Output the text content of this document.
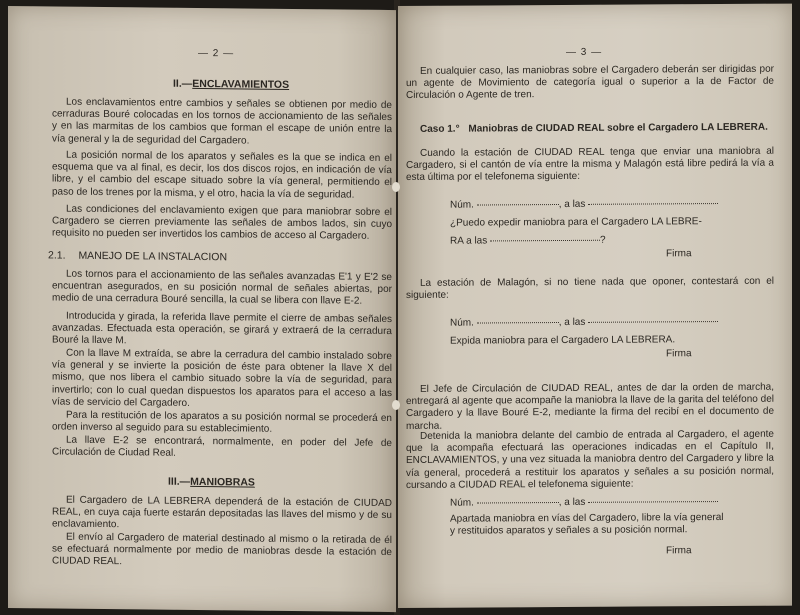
— 2 —
II.—ENCLAVAMIENTOS

Los enclavamientos entre cambios y señales se obtienen por medio de cerraduras Bouré colocadas en los tornos de accionamiento de las señales y en las marmitas de los cambios que forman el escape de unión entre la vía general y la de seguridad del Cargadero.

La posición normal de los aparatos y señales es la que se indica en el esquema que va al final, es decir, los dos discos rojos, en indicación de vía libre, y el cambio del escape situado sobre la vía general, permitiendo el paso de los trenes por la misma, y el otro, hacia la vía de seguridad.

Las condiciones del enclavamiento exigen que para maniobrar sobre el Cargadero se cierren previamente las señales de ambos lados, sin cuyo requisito no pueden ser invertidos los cambios de acceso al Cargadero.

2.1. MANEJO DE LA INSTALACION

Los tornos para el accionamiento de las señales avanzadas E'1 y E'2 se encuentran asegurados, en su posición normal de señales abiertas, por medio de una cerradura Bouré sencilla, la cual se libera con llave E-2.

Introducida y girada, la referida llave permite el cierre de ambas señales avanzadas. Efectuada esta operación, se girará y extraerá de la cerradura Bouré la llave M.

Con la llave M extraída, se abre la cerradura del cambio instalado sobre vía general y se invierte la posición de éste para obtener la llave X del mismo, que nos libera el cambio situado sobre la vía de seguridad, para invertirlo; con lo cual quedan dispuestos los aparatos para el acceso a las vías de servicio del Cargadero.

Para la restitución de los aparatos a su posición normal se procederá en orden inverso al seguido para su establecimiento.

La llave E-2 se encontrará, normalmente, en poder del Jefe de Circulación de Ciudad Real.

III.—MANIOBRAS

El Cargadero de LA LEBRERA dependerá de la estación de CIUDAD REAL, en cuya caja fuerte estarán depositadas las llaves del mismo y de su enclavamiento.

El envío al Cargadero de material destinado al mismo o la retirada de él se efectuará normalmente por medio de maniobras desde la estación de CIUDAD REAL.

— 3 —

En cualquier caso, las maniobras sobre el Cargadero deberán ser dirigidas por un agente de Movimiento de categoría igual o superior a la de Factor de Circulación o Agente de tren.

Caso 1.° Maniobras de CIUDAD REAL sobre el Cargadero LA LEBRERA.

Cuando la estación de CIUDAD REAL tenga que enviar una maniobra al Cargadero, si el cantón de vía entre la misma y Malagón está libre pedirá la vía a esta última por el telefonema siguiente:

Núm.	, a las
¿Puedo expedir maniobra para el Cargadero LA LEBRE-
RA a las	?
Firma

La estación de Malagón, si no tiene nada que oponer, contestará con el siguiente:

Núm.	, a las
Expida maniobra para el Cargadero LA LEBRERA.
Firma

El Jefe de Circulación de CIUDAD REAL, antes de dar la orden de marcha, entregará al agente que acompañe la maniobra la llave de la garita del teléfono del Cargadero y la llave Bouré E-2, mediante la firma del recibí en el documento de marcha.

Detenida la maniobra delante del cambio de entrada al Cargadero, el agente que la acompaña efectuará las operaciones indicadas en el Capítulo II, ENCLAVAMIENTOS, y una vez situada la maniobra dentro del Cargadero y libre la vía general, procederá a restituir los aparatos y señales a su posición normal, cursando a CIUDAD REAL el telefonema siguiente:

Núm.	, a las

Apartada maniobra en vías del Cargadero, libre la vía general y restituidos aparatos y señales a su posición normal.

Firma
